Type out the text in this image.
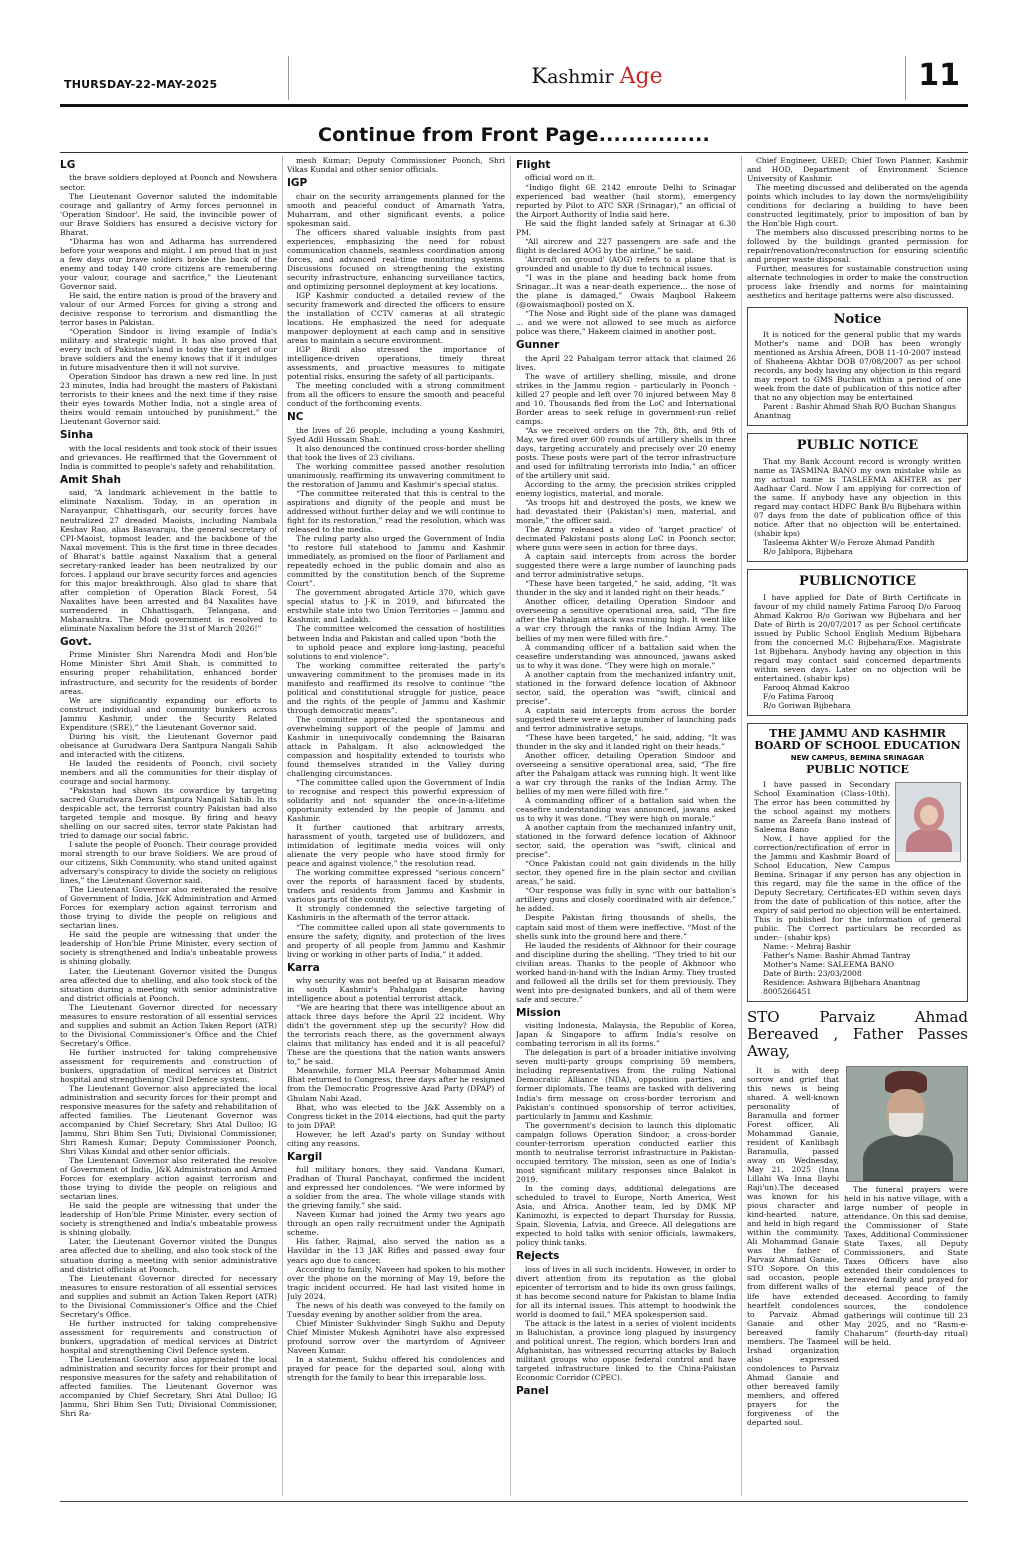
THURSDAY-22-MAY-2025	Kashmir Age	11
Continue from Front Page...............
LG

the brave soldiers deployed at Poonch and Nowshera sector.

The Lieutenant Governor saluted the indomitable courage and gallantry of Army forces personnel in 'Operation Sindoor'. He said, the invincible power of our Brave Soldiers has ensured a decisive victory for Bharat.

“Dharma has won and Adharma has surrendered before your weapons and might. I am proud that in just a few days our brave soldiers broke the back of the enemy and today 140 crore citizens are remembering your valour, courage and sacrifice,” the Lieutenant Governor said.

He said, the entire nation is proud of the bravery and valour of our Armed Forces for giving a strong and decisive response to terrorism and dismantling the terror bases in Pakistan.

“Operation Sindoor is living example of India's military and strategic might. It has also proved that every inch of Pakistan's land is today the target of our brave soldiers and the enemy knows that if it indulges in future misadventure then it will not survive.

Operation Sindoor has drawn a new red line. In just 23 minutes, India had brought the masters of Pakistani terrorists to their knees and the next time if they raise their eyes towards Mother India, not a single area of theirs would remain untouched by punishment,” the Lieutenant Governor said.

Sinha

with the local residents and took stock of their issues and grievances. He reaffirmed that the Government of India is committed to people's safety and rehabilitation.

Amit Shah

said, “A landmark achievement in the battle to eliminate Naxalism. Today, in an operation in Narayanpur, Chhattisgarh, our security forces have neutralized 27 dreaded Maoists, including Nambala Keshav Rao, alias Basavaraju, the general secretary of CPI-Maoist, topmost leader, and the backbone of the Naxal movement. This is the first time in three decades of Bharat's battle against Naxalism that a general secretary-ranked leader has been neutralized by our forces. I applaud our brave security forces and agencies for this major breakthrough. Also glad to share that after completion of Operation Black Forest, 54 Naxalites have been arrested and 84 Naxalites have surrendered in Chhattisgarh, Telangana, and Maharashtra. The Modi government is resolved to eliminate Naxalism before the 31st of March 2026!”

Govt.

Prime Minister Shri Narendra Modi and Hon'ble Home Minister Shri Amit Shah, is committed to ensuring proper rehabilitation, enhanced border infrastructure, and security for the residents of border areas.

We are significantly expanding our efforts to construct individual and community bunkers across Jammu Kashmir, under the Security Related Expenditure (SRE),” the Lieutenant Governor said.

During his visit, the Lieutenant Governor paid obeisance at Gurudwara Dera Santpura Nangali Sahib and interacted with the citizens.

He lauded the residents of Poonch, civil society members and all the communities for their display of courage and social harmony.

“Pakistan had shown its cowardice by targeting sacred Gurudwara Dera Santpura Nangali Sahib. In its despicable act, the terrorist country Pakistan had also targeted temple and mosque. By firing and heavy shelling on our sacred sites, terror state Pakistan had tried to damage our social fabric.

I salute the people of Poonch. Their courage provided moral strength to our brave Soldiers. We are proud of our citizens, Sikh Community, who stand united against adversary's conspiracy to divide the society on religious lines,” the Lieutenant Governor said.

The Lieutenant Governor also reiterated the resolve of Government of India, J&K Administration and Armed Forces for exemplary action against terrorism and those trying to divide the people on religious and sectarian lines.

He said the people are witnessing that under the leadership of Hon'ble Prime Minister, every section of society is strengthened and India's unbeatable prowess is shining globally.

Later, the Lieutenant Governor visited the Dungus area affected due to shelling, and also took stock of the situation during a meeting with senior administrative and district officials at Poonch.

The Lieutenant Governor directed for necessary measures to ensure restoration of all essential services and supplies and submit an Action Taken Report (ATR) to the Divisional Commissioner's Office and the Chief Secretary's Office.

He further instructed for taking comprehensive assessment for requirements and construction of bunkers, upgradation of medical services at District hospital and strengthening Civil Defence system.

The Lieutenant Governor also appreciated the local administration and security forces for their prompt and responsive measures for the safety and rehabilitation of affected families. The Lieutenant Governor was accompanied by Chief Secretary, Shri Atal Dulloo; IG Jammu, Shri Bhim Sen Tuti; Divisional Commissioner, Shri Ramesh Kumar; Deputy Commissioner Poonch, Shri Vikas Kundal and other senior officials.

The Lieutenant Governor also reiterated the resolve of Government of India, J&K Administration and Armed Forces for exemplary action against terrorism and those trying to divide the people on religious and sectarian lines.

He said the people are witnessing that under the leadership of Hon'ble Prime Minister, every section of society is strengthened and India's unbeatable prowess is shining globally.

Later, the Lieutenant Governor visited the Dungus area affected due to shelling, and also took stock of the situation during a meeting with senior administrative and district officials at Poonch.

The Lieutenant Governor directed for necessary measures to ensure restoration of all essential services and supplies and submit an Action Taken Report (ATR) to the Divisional Commissioner's Office and the Chief Secretary's Office.

He further instructed for taking comprehensive assessment for requirements and construction of bunkers, upgradation of medical services at District hospital and strengthening Civil Defence system.

The Lieutenant Governor also appreciated the local administration and security forces for their prompt and responsive measures for the safety and rehabilitation of affected families. The Lieutenant Governor was accompanied by Chief Secretary, Shri Atal Dulloo; IG Jammu, Shri Bhim Sen Tuti; Divisional Commissioner, Shri Ra-

mesh Kumar; Deputy Commissioner Poonch, Shri Vikas Kundal and other senior officials.

IGP

chair on the security arrangements planned for the smooth and peaceful conduct of Amarnath Yatra, Muharram, and other significant events, a police spokesman said.

The officers shared valuable insights from past experiences, emphasizing the need for robust communication channels, seamless coordination among forces, and advanced real-time monitoring systems. Discussions focused on strengthening the existing security infrastructure, enhancing surveillance tactics, and optimizing personnel deployment at key locations.

IGP Kashmir conducted a detailed review of the security framework and directed the officers to ensure the installation of CCTV cameras at all strategic locations. He emphasized the need for adequate manpower deployment at each camp and in sensitive areas to maintain a secure environment.

IGP Birdi also stressed the importance of intelligence-driven operations, timely threat assessments, and proactive measures to mitigate potential risks, ensuring the safety of all participants.

The meeting concluded with a strong commitment from all the officers to ensure the smooth and peaceful conduct of the forthcoming events.

NC

the lives of 26 people, including a young Kashmiri, Syed Adil Hussain Shah.

It also denounced the continued cross-border shelling that took the lives of 23 civilians.

The working committee passed another resolution unanimously, reaffirming its unwavering commitment to the restoration of Jammu and Kashmir's special status.

“The committee reiterated that this is central to the aspirations and dignity of the people and must be addressed without further delay and we will continue to fight for its restoration,” read the resolution, which was released to the media.

The ruling party also urged the Government of India “to restore full statehood to Jammu and Kashmir immediately, as promised on the floor of Parliament and repeatedly echoed in the public domain and also as committed by the constitution bench of the Supreme Court”.

The government abrogated Article 370, which gave special status to J-K in 2019, and bifurcated the erstwhile state into two Union Territories -- Jammu and Kashmir, and Ladakh.

The committee welcomed the cessation of hostilities between India and Pakistan and called upon “both the

to uphold peace and explore long-lasting, peaceful solutions to end violence”.

The working committee reiterated the party's unwavering commitment to the promises made in its manifesto and reaffirmed its resolve to continue “the political and constitutional struggle for justice, peace and the rights of the people of Jammu and Kashmir through democratic means”.

The committee appreciated the spontaneous and overwhelming support of the people of Jammu and Kashmir in unequivocally condemning the Baisaran attack in Pahalgam. It also acknowledged the compassion and hospitality extended to tourists who found themselves stranded in the Valley during challenging circumstances.

“The committee called upon the Government of India to recognise and respect this powerful expression of solidarity and not squander the once-in-a-lifetime opportunity extended by the people of Jammu and Kashmir.

It further cautioned that arbitrary arrests, harassment of youth, targeted use of bulldozers, and intimidation of legitimate media voices will only alienate the very people who have stood firmly for peace and against violence,” the resolution read.

The working committee expressed “serious concern” over the reports of harassment faced by students, traders and residents from Jammu and Kashmir in various parts of the country.

It strongly condemned the selective targeting of Kashmiris in the aftermath of the terror attack.

“The committee called upon all state governments to ensure the safety, dignity, and protection of the lives and property of all people from Jammu and Kashmir living or working in other parts of India,” it added.

Karra

why security was not beefed up at Baisaran meadow in south Kashmir's Pahalgam despite having intelligence about a potential terrorist attack.

“We are hearing that there was intelligence about an attack three days before the April 22 incident. Why didn't the government step up the security? How did the terrorists reach there, as the government always claims that militancy has ended and it is all peaceful? These are the questions that the nation wants answers to,” he said.

Meanwhile, former MLA Peersar Mohammad Amin Bhat returned to Congress, three days after he resigned from the Democratic Progressive Azad Party (DPAP) of Ghulam Nabi Azad.

Bhat, who was elected to the J&K Assembly on a Congress ticket in the 2014 elections, had quit the party to join DPAP.

However, he left Azad's party on Sunday without citing any reasons.

Kargil

full military honors, they said. Vandana Kumari, Pradhan of Thural Panchayat, confirmed the incident and expressed her condolences. “We were informed by a soldier from the area. The whole village stands with the grieving family,” she said.

Naveen Kumar had joined the Army two years ago through an open rally recruitment under the Agnipath scheme.

His father, Rajmal, also served the nation as a Havildar in the 13 JAK Rifles and passed away four years ago due to cancer.

According to family, Naveen had spoken to his mother over the phone on the morning of May 19, before the tragic incident occurred. He had last visited home in July 2024.

The news of his death was conveyed to the family on Tuesday evening by another soldier from the area.

Chief Minister Sukhvinder Singh Sukhu and Deputy Chief Minister Mukesh Agnihotri have also expressed profound sorrow over the martyrdom of Agniveer Naveen Kumar.

In a statement, Sukhu offered his condolences and prayed for peace for the departed soul, along with strength for the family to bear this irreparable loss.

Flight

official word on it.

“Indigo flight 6E 2142 enroute Delhi to Srinagar experienced bad weather (hail storm), emergency reported by Pilot to ATC SXR (Srinagar),” an official of the Airport Authority of India said here.

He said the flight landed safely at Srinagar at 6.30 PM.

“All aircrew and 227 passengers are safe and the flight is declared AOG by the airline,” he said.

'Aircraft on ground' (AOG) refers to a plane that is grounded and unable to fly due to technical issues.

“I was in the plane and heading back home from Srinagar...It was a near-death experience... the nose of the plane is damaged,” Owais Maqbool Hakeem (@owaismaqbool) posted on X.

“The Nose and Right side of the plane was damaged ... and we were not allowed to see much as airforce police was there,” Hakeem claimed in another post.

Gunner

the April 22 Pahalgam terror attack that claimed 26 lives.

The wave of artillery shelling, missile, and drone strikes in the Jammu region - particularly in Poonch - killed 27 people and left over 70 injured between May 8 and 10. Thousands fled from the LoC and International Border areas to seek refuge in government-run relief camps.

“As we received orders on the 7th, 8th, and 9th of May, we fired over 600 rounds of artillery shells in three days, targeting accurately and precisely over 20 enemy posts. These posts were part of the terror infrastructure and used for infiltrating terrorists into India,” an officer of the artillery unit said.

According to the army, the precision strikes crippled enemy logistics, material, and morale.

“As troops hit and destroyed the posts, we knew we had devastated their (Pakistan's) men, material, and morale,” the officer said.

The Army released a video of 'target practice' of decimated Pakistani posts along LoC in Poonch sector, where guns were seen in action for three days.

A captain said intercepts from across the border suggested there were a large number of launching pads and terror administrative setups.

“These have been targeted,” he said, adding, “It was thunder in the sky and it landed right on their heads.”

Another officer, detailing Operation Sindoor and overseeing a sensitive operational area, said, “The fire after the Pahalgam attack was running high. It went like a war cry through the ranks of the Indian Army. The bellies of my men were filled with fire.”

A commanding officer of a battalion said when the ceasefire understanding was announced, jawans asked us to why it was done. “They were high on morale.”

A another captain from the mechanized infantry unit, stationed in the forward defence location of Akhnoor sector, said, the operation was “swift, clinical and precise”.

A captain said intercepts from across the border suggested there were a large number of launching pads and terror administrative setups.

“These have been targeted,” he said, adding, “It was thunder in the sky and it landed right on their heads.”

Another officer, detailing Operation Sindoor and overseeing a sensitive operational area, said, “The fire after the Pahalgam attack was running high. It went like a war cry through the ranks of the Indian Army. The bellies of my men were filled with fire.”

A commanding officer of a battalion said when the ceasefire understanding was announced, jawans asked us to why it was done. “They were high on morale.”

A another captain from the mechanized infantry unit, stationed in the forward defence location of Akhnoor sector, said, the operation was “swift, clinical and precise”.

“Once Pakistan could not gain dividends in the hilly sector, they opened fire in the plain sector and civilian areas,” he said.

“Our response was fully in sync with our battalion's artillery guns and closely coordinated with air defence,” he added.

Despite Pakistan firing thousands of shells, the captain said most of them were ineffective. “Most of the shells sunk into the ground here and there.”

He lauded the residents of Akhnoor for their courage and discipline during the shelling. “They tried to hit our civilian areas. Thanks to the people of Akhnoor who worked hand-in-hand with the Indian Army. They trusted and followed all the drills set for them previously. They went into pre-designated bunkers, and all of them were safe and secure.”

Mission

visiting Indonesia, Malaysia, the Republic of Korea, Japan & Singapore to affirm India's resolve on combating terrorism in all its forms.”

The delegation is part of a broader initiative involving seven multi-party groups comprising 59 members, including representatives from the ruling National Democratic Alliance (NDA), opposition parties, and former diplomats. The teams are tasked with delivering India's firm message on cross-border terrorism and Pakistan's continued sponsorship of terror activities, particularly in Jammu and Kashmir.

The government's decision to launch this diplomatic campaign follows Operation Sindoor, a cross-border counter-terrorism operation conducted earlier this month to neutralise terrorist infrastructure in Pakistan-occupied territory. The mission, seen as one of India's most significant military responses since Balakot in 2019.

In the coming days, additional delegations are scheduled to travel to Europe, North America, West Asia, and Africa. Another team, led by DMK MP Kanimozhi, is expected to depart Thursday for Russia, Spain, Slovenia, Latvia, and Greece. All delegations are expected to hold talks with senior officials, lawmakers, policy think tanks.

Rejects

loss of lives in all such incidents. However, in order to divert attention from its reputation as the global epicenter of terrorism and to hide its own gross failings, it has become second nature for Pakistan to blame India for all its internal issues. This attempt to hoodwink the world is doomed to fail,” MEA spokesperson said.

The attack is the latest in a series of violent incidents in Baluchistan, a province long plagued by insurgency and political unrest. The region, which borders Iran and Afghanistan, has witnessed recurring attacks by Baloch militant groups who oppose federal control and have targeted infrastructure linked to the China-Pakistan Economic Corridor (CPEC).

Panel

Chief Engineer, UEED; Chief Town Planner, Kashmir and HOD, Department of Environment Science University of Kashmir.

The meeting discussed and deliberated on the agenda points which includes to lay down the norms/eligibility conditions for declaring a building to have been constructed legitimately, prior to imposition of ban by the Hon'ble High court.

The members also discussed prescribing norms to be followed by the buildings granted permission for repair/renovation/reconstruction for ensuring scientific and proper waste disposal.

Further, measures for sustainable construction using alternate technologies in order to make the construction process lake friendly and norms for maintaining aesthetics and heritage patterns were also discussed.

Notice

It is noticed for the general public that my wards Mother's name and DOB has been wrongly mentioned as Arshia Afreen, DOB 11-10-2007 instead of Shaheena Akhtar DOB 07/08/2007 as per school records, any body having any objection in this regard may report to GMS Buchan within a period of one week from the date of publication of this notice after that no any objection may be entertained

Parent : Bashir Ahmad Shah R/O Buchan Shangus Anantnag

PUBLIC NOTICE

That my Bank Account record is wrongly written name as TASMINA BANO my own mistake while as my actual name is TASLEEMA AKHTER as per Aadhaar Card. Now I am applying for correction of the same. If anybody have any objection in this regard may contact HDFC Bank B/u Bijbehara within 07 days from the date of publication office of this notice. After that no objection will be entertained. (shabir kps)

Tasleema Akhter W/o Feroze Ahmad Pandith

R/o Jablpora, Bijbehara

PUBLICNOTICE

I have applied for Date of Birth Certificate in favour of my child namely Fatima Farooq D/o Farooq Ahmad Kakroo R/o Goriwan ww Bijbehara and her Date of Birth is 20/07/2017 as per School certificate issued by Public School English Medium Bijbehara from the concerned M.C Bijbehara/Exe. Magistrate 1st Bijbehara. Anybody having any objection in this regard may contact said concerned departments within seven days. Later on no objection will be entertained. (shabir kps)

Farooq Ahmad Kakroo

F/o Fatima Farooq

R/o Goriwan Bijbehara

THE JAMMU AND KASHMIR
BOARD OF SCHOOL EDUCATION
NEW CAMPUS, BEMINA SRINAGAR
PUBLIC NOTICE

I have passed in Secondary School Examination (Class-10th). The error has been committed by the school against my mothers name as Zareefa Bano instead of Saleema Bano

Now, I have applied for the correction/rectification of error in the Jammu and Kashmir Board of School Education, New Campus Bemina, Srinagar if any person has any objection in this regard, may file the same in the office of the Deputy Secretary, Certificates-ED within seven days from the date of publication of this notice, after the expiry of said period no objection will be entertained. This is published for the information of general public. The Correct particulars be recorded as under:- (shabir kps)

Name: - Mehraj Bashir

Father's Name: Bashir Ahmad Tantray

Mother's Name: SALEEMA BANO

Date of Birth: 23/03/2008

Residence: Ashwara Bijbehara Anantnag

8005266451

STO Parvaiz Ahmad Bereaved , Father Passes Away,

It is with deep sorrow and grief that this news is being shared. A well-known personality of Baramulla and former Forest officer, Ali Mohammad Ganaie, resident of Kanlibagh Baramulla, passed away on Wednesday, May 21, 2025 (Inna Lillahi Wa Inna Ilayhi Raji'un).The deceased was known for his pious character and kind-hearted nature, and held in high regard within the community. Ali Mohammad Ganaie was the father of Parvaiz Ahmad Ganaie, STO Sopore. On this sad occasion, people from different walks of life have extended heartfelt condolences to Parvaiz Ahmad Ganaie and other bereaved family members. The Taameel Irshad organization also expressed condolences to Parvaiz Ahmad Ganaie and other bereaved family members, and offered prayers for the forgiveness of the departed soul.

The funeral prayers were held in his native village, with a large number of people in attendance. On this sad demise, the Commissioner of State Taxes, Additional Commissioner State Taxes, all Deputy Commissioners, and State Taxes Officers have also extended their condolences to bereaved family and prayed for the eternal peace of the deceased. According to family sources, the condolence gatherings will continue till 23 May 2025, and no “Rasm-e-Chaharum” (fourth-day ritual) will be held.
